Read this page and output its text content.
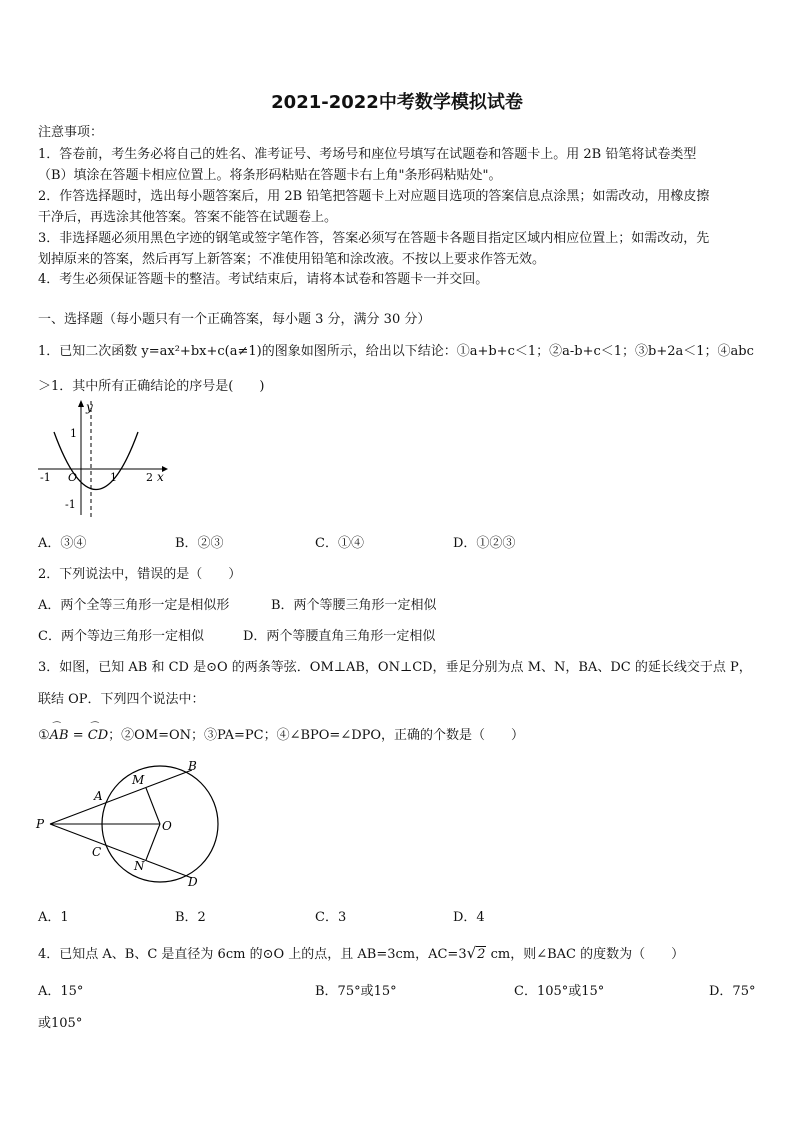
2021-2022中考数学模拟试卷
注意事项：
1．答卷前，考生务必将自己的姓名、准考证号、考场号和座位号填写在试题卷和答题卡上。用 2B 铅笔将试卷类型
（B）填涂在答题卡相应位置上。将条形码粘贴在答题卡右上角"条形码粘贴处"。
2．作答选择题时，选出每小题答案后，用 2B 铅笔把答题卡上对应题目选项的答案信息点涂黑；如需改动，用橡皮擦
干净后，再选涂其他答案。答案不能答在试题卷上。
3．非选择题必须用黑色字迹的钢笔或签字笔作答，答案必须写在答题卡各题目指定区域内相应位置上；如需改动，先
划掉原来的答案，然后再写上新答案；不准使用铅笔和涂改液。不按以上要求作答无效。
4．考生必须保证答题卡的整洁。考试结束后，请将本试卷和答题卡一并交回。
一、选择题（每小题只有一个正确答案，每小题 3 分，满分 30 分）
1．已知二次函数 y=ax²+bx+c(a≠1)的图象如图所示，给出以下结论：①a+b+c＜1；②a-b+c＜1；③b+2a＜1；④abc
＞1．其中所有正确结论的序号是(　　)
y
x
1
-1
-1	1	2
O
A．③④	B．②③	C．①④	D．①②③
2．下列说法中，错误的是（　　）
A．两个全等三角形一定是相似形	B．两个等腰三角形一定相似
C．两个等边三角形一定相似	D．两个等腰直角三角形一定相似
3．如图，已知 AB 和 CD 是⊙O 的两条等弦．OM⊥AB，ON⊥CD，垂足分别为点 M、N，BA、DC 的延长线交于点 P，
联结 OP．下列四个说法中：
①⌒ AB = ⌒ CD；②OM=ON；③PA=PC；④∠BPO=∠DPO，正确的个数是（　　）
P
A
M
B
O
C
N
D
A．1	B．2	C．3	D．4
4．已知点 A、B、C 是直径为 6cm 的⊙O 上的点，且 AB=3cm，AC=3√2 cm，则∠BAC 的度数为（　　）
A．15°	B．75°或15°	C．105°或15°	D．75°
或105°
